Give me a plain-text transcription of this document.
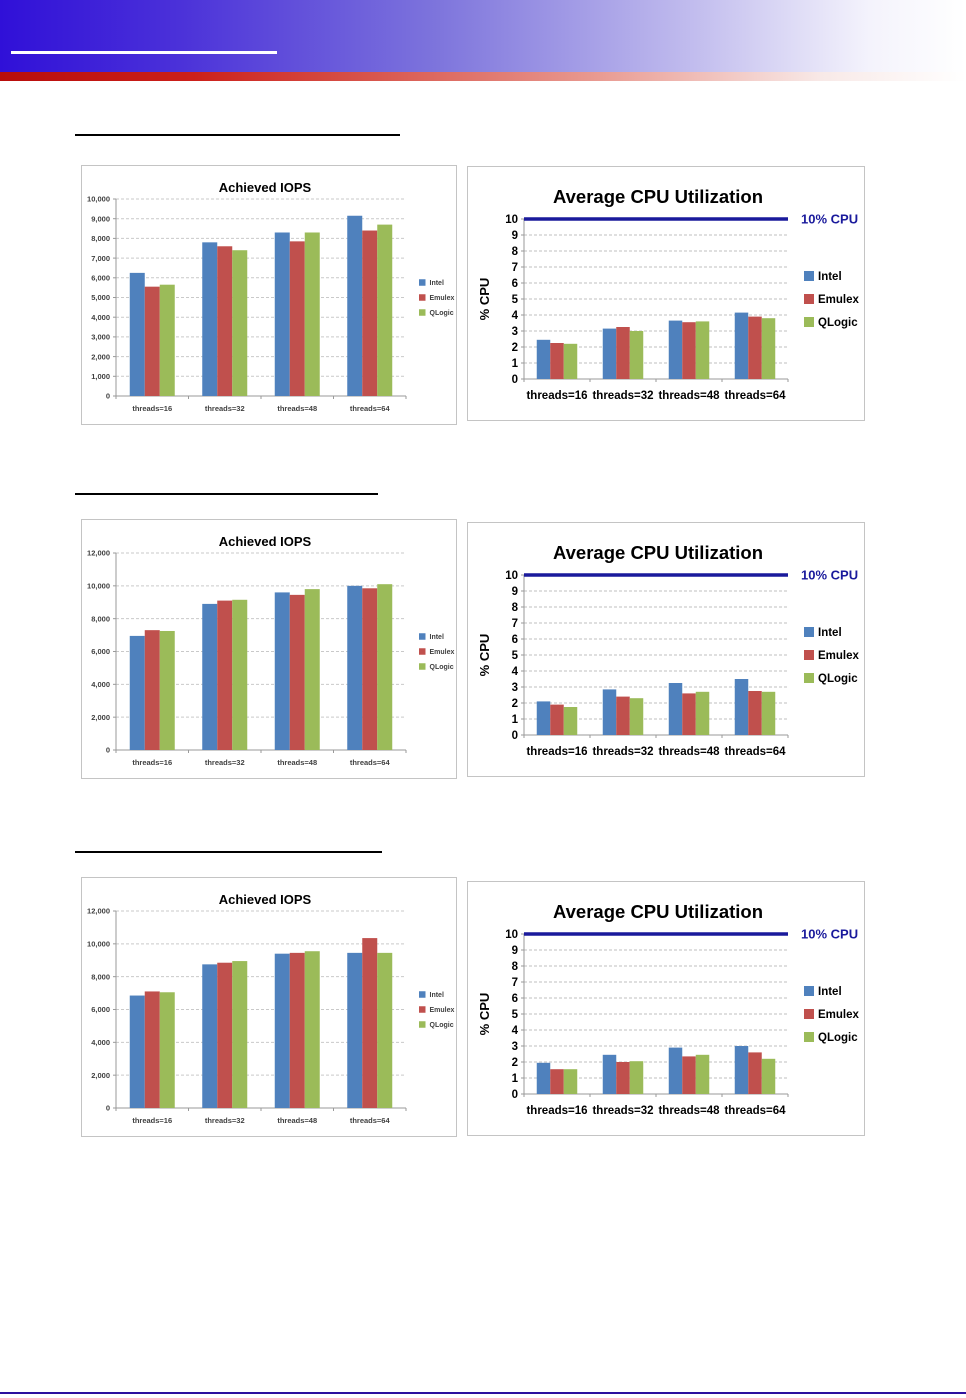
0
1,000
2,000
3,000
4,000
5,000
6,000
7,000
8,000
9,000
10,000
threads=16	threads=32	threads=48	threads=64
Intel
Emulex
QLogic
Achieved IOPS
0
1
2
3
4
5
6
7
8
9
10
threads=16 threads=32 threads=48 threads=64
10% CPU
% CPU
Intel
Emulex
QLogic
Average CPU Utilization
0
2,000
4,000
6,000
8,000
10,000
12,000
threads=16	threads=32	threads=48	threads=64
Intel
Emulex
QLogic
Achieved IOPS
0
1
2
3
4
5
6
7
8
9
10
threads=16 threads=32 threads=48 threads=64
10% CPU
% CPU
Intel
Emulex
QLogic
Average CPU Utilization
0
2,000
4,000
6,000
8,000
10,000
12,000
threads=16	threads=32	threads=48	threads=64
Intel
Emulex
QLogic
Achieved IOPS
0
1
2
3
4
5
6
7
8
9
10
threads=16 threads=32 threads=48 threads=64
10% CPU
% CPU
Intel
Emulex
QLogic
Average CPU Utilization
